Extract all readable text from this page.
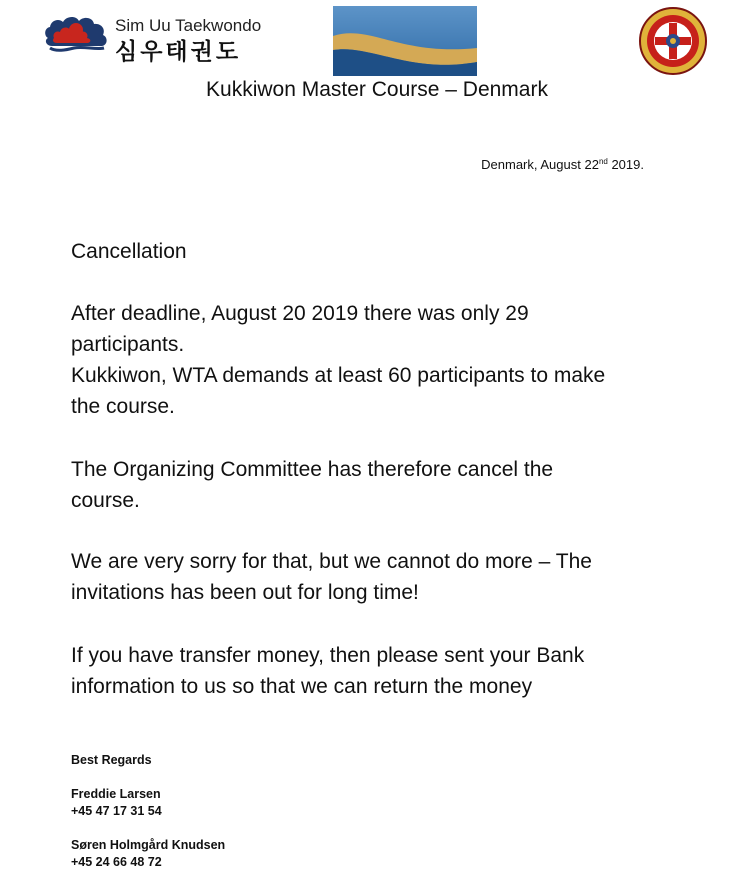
Sim Uu Taekwondo
심우태권도
Kukkiwon Master Course – Denmark
Denmark, August 22nd 2019.

Cancellation

After deadline, August 20 2019 there was only 29

participants.

Kukkiwon, WTA demands at least 60 participants to make

the course.

The Organizing Committee has therefore cancel the

course.

We are very sorry for that, but we cannot do more – The

invitations has been out for long time!

If you have transfer money, then please sent your Bank

information to us so that we can return the money

Best Regards
Freddie Larsen
+45 47 17 31 54
Søren Holmgård Knudsen
+45 24 66 48 72
